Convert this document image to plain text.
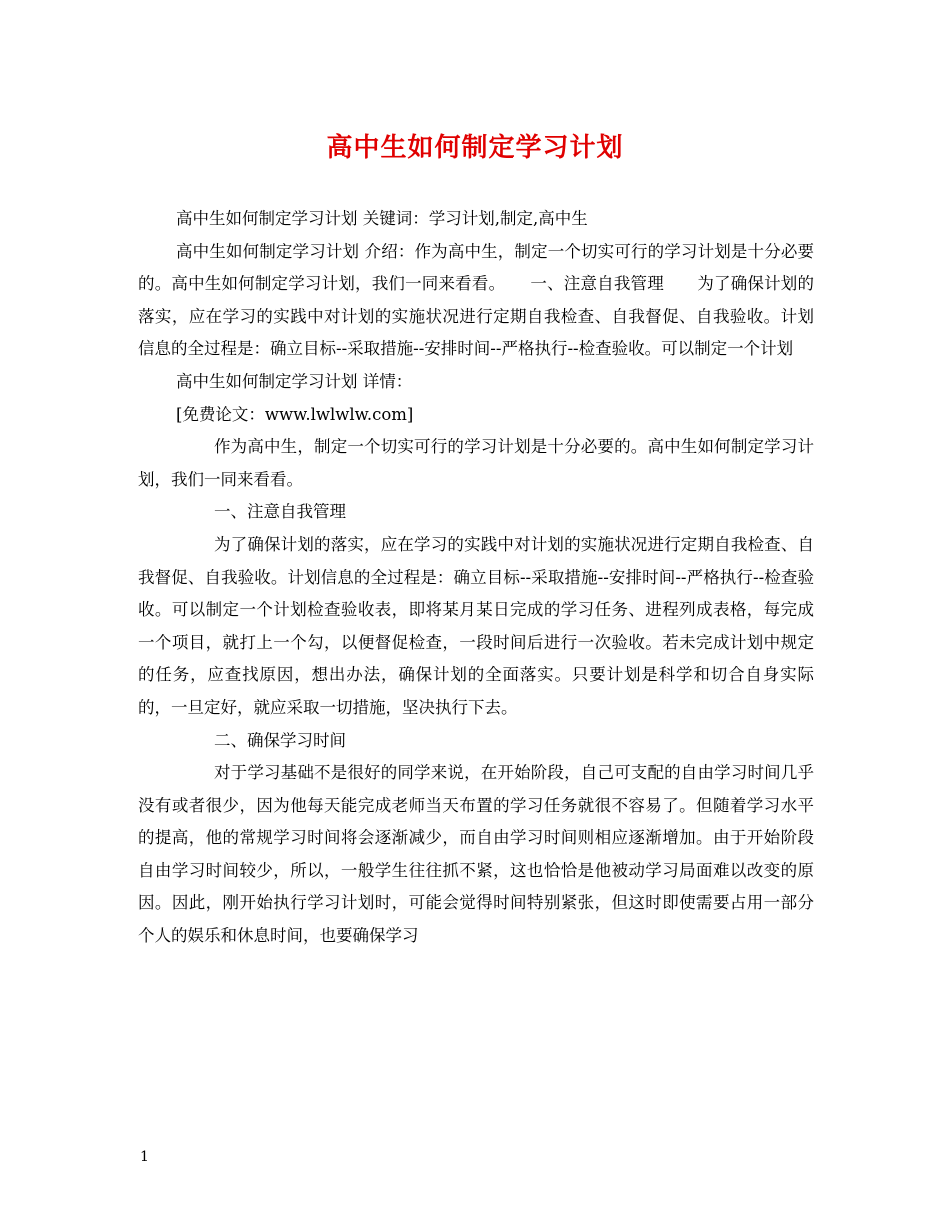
高中生如何制定学习计划

高中生如何制定学习计划 关键词：学习计划,制定,高中生

高中生如何制定学习计划 介绍：作为高中生，制定一个切实可行的学习计划是十分必要的。高中生如何制定学习计划，我们一同来看看。　　一、注意自我管理　　为了确保计划的落实，应在学习的实践中对计划的实施状况进行定期自我检查、自我督促、自我验收。计划信息的全过程是：确立目标--采取措施--安排时间--严格执行--检查验收。可以制定一个计划

高中生如何制定学习计划 详情：

[免费论文：www.lwlwlw.com]

作为高中生，制定一个切实可行的学习计划是十分必要的。高中生如何制定学习计划，我们一同来看看。

一、注意自我管理

为了确保计划的落实，应在学习的实践中对计划的实施状况进行定期自我检查、自我督促、自我验收。计划信息的全过程是：确立目标--采取措施--安排时间--严格执行--检查验收。可以制定一个计划检查验收表，即将某月某日完成的学习任务、进程列成表格，每完成一个项目，就打上一个勾，以便督促检查，一段时间后进行一次验收。若未完成计划中规定的任务，应查找原因，想出办法，确保计划的全面落实。只要计划是科学和切合自身实际的，一旦定好，就应采取一切措施，坚决执行下去。

二、确保学习时间

对于学习基础不是很好的同学来说，在开始阶段，自己可支配的自由学习时间几乎没有或者很少，因为他每天能完成老师当天布置的学习任务就很不容易了。但随着学习水平的提高，他的常规学习时间将会逐渐减少，而自由学习时间则相应逐渐增加。由于开始阶段自由学习时间较少，所以，一般学生往往抓不紧，这也恰恰是他被动学习局面难以改变的原因。因此，刚开始执行学习计划时，可能会觉得时间特别紧张，但这时即使需要占用一部分个人的娱乐和休息时间，也要确保学习

1
